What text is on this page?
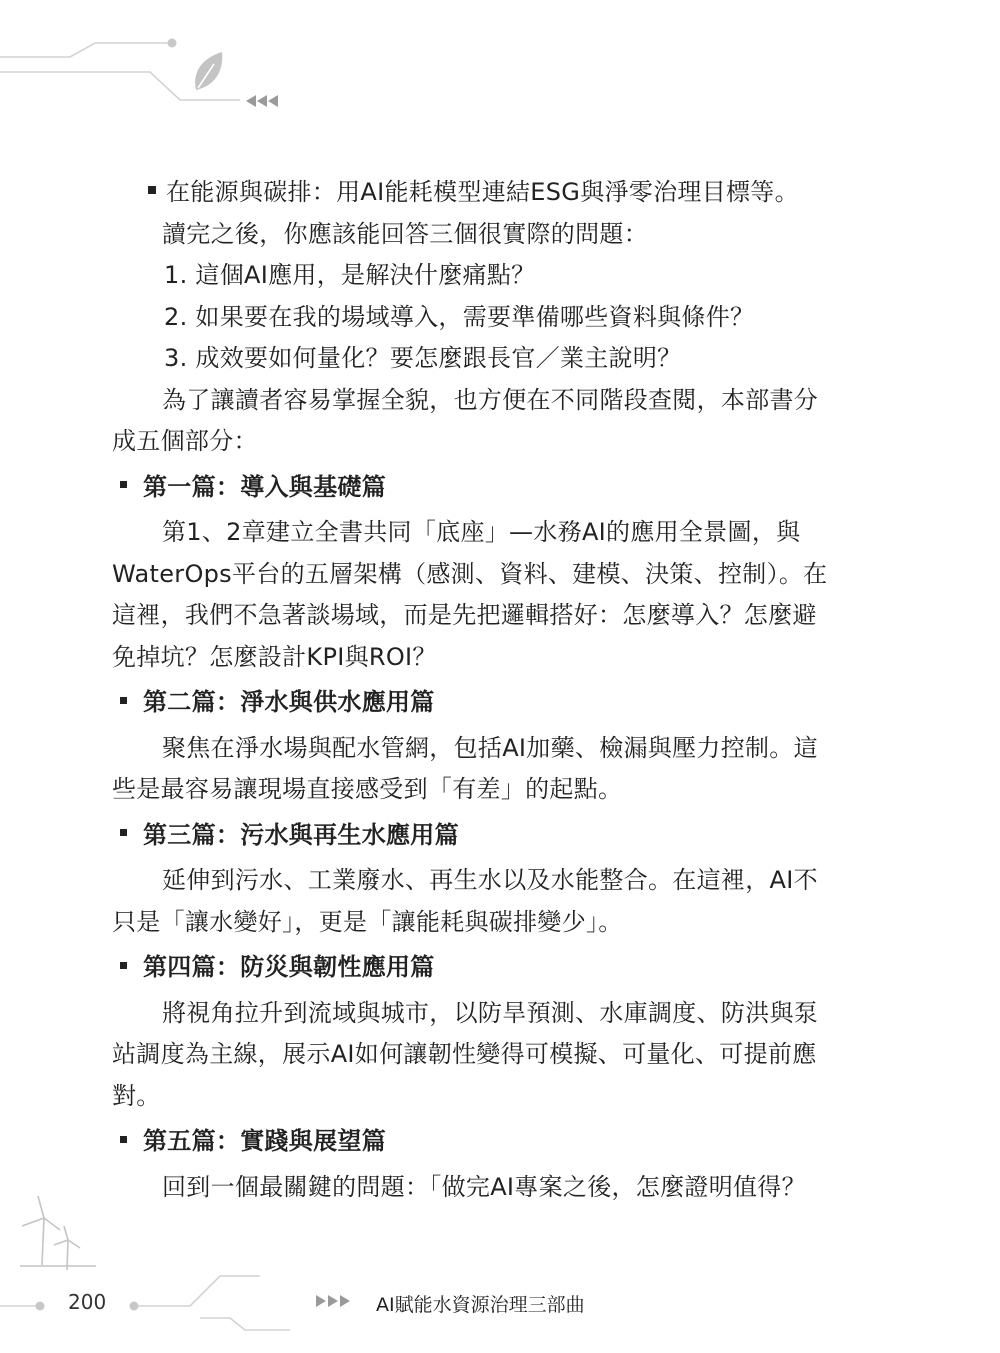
在能源與碳排：用AI能耗模型連結ESG與淨零治理目標等。
讀完之後，你應該能回答三個很實際的問題：
1. 這個AI應用，是解決什麼痛點？
2. 如果要在我的場域導入，需要準備哪些資料與條件？
3. 成效要如何量化？要怎麼跟長官／業主說明？
為了讓讀者容易掌握全貌，也方便在不同階段查閱，本部書分
成五個部分：
第一篇：導入與基礎篇
第1、2章建立全書共同「底座」—水務AI的應用全景圖，與
WaterOps平台的五層架構（感測、資料、建模、決策、控制）。在
這裡，我們不急著談場域，而是先把邏輯搭好：怎麼導入？怎麼避
免掉坑？怎麼設計KPI與ROI？
第二篇：淨水與供水應用篇
聚焦在淨水場與配水管網，包括AI加藥、檢漏與壓力控制。這
些是最容易讓現場直接感受到「有差」的起點。
第三篇：污水與再生水應用篇
延伸到污水、工業廢水、再生水以及水能整合。在這裡，AI不
只是「讓水變好」，更是「讓能耗與碳排變少」。
第四篇：防災與韌性應用篇
將視角拉升到流域與城市，以防旱預測、水庫調度、防洪與泵
站調度為主線，展示AI如何讓韌性變得可模擬、可量化、可提前應
對。
第五篇：實踐與展望篇
回到一個最關鍵的問題：「做完AI專案之後，怎麼證明值得？
200	AI賦能水資源治理三部曲
